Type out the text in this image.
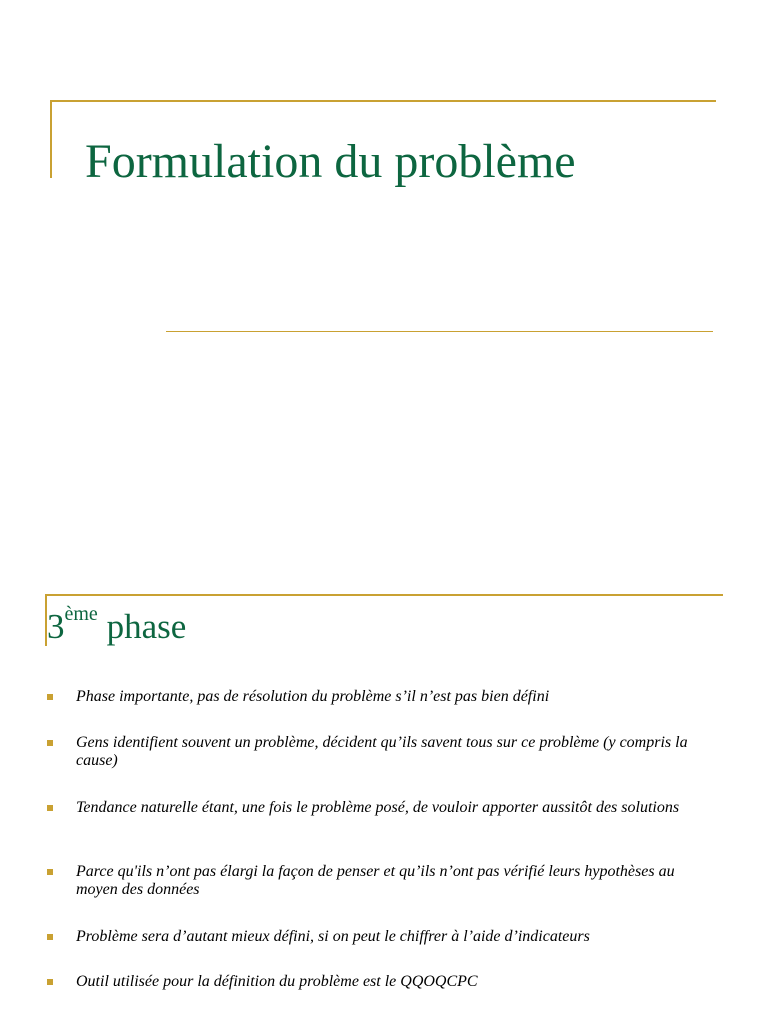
Formulation du problème
3ème phase
Phase importante, pas de résolution du problème s’il n’est pas bien défini
Gens identifient souvent un problème, décident qu’ils savent tous sur ce problème (y compris la cause)
Tendance naturelle étant, une fois le problème posé, de vouloir apporter aussitôt des solutions
Parce qu'ils n’ont pas élargi la façon de penser et qu’ils n’ont pas vérifié leurs hypothèses au moyen des données
Problème sera d’autant mieux défini, si on peut le chiffrer à l’aide d’indicateurs
Outil utilisée pour la définition du problème est le QQOQCPC
